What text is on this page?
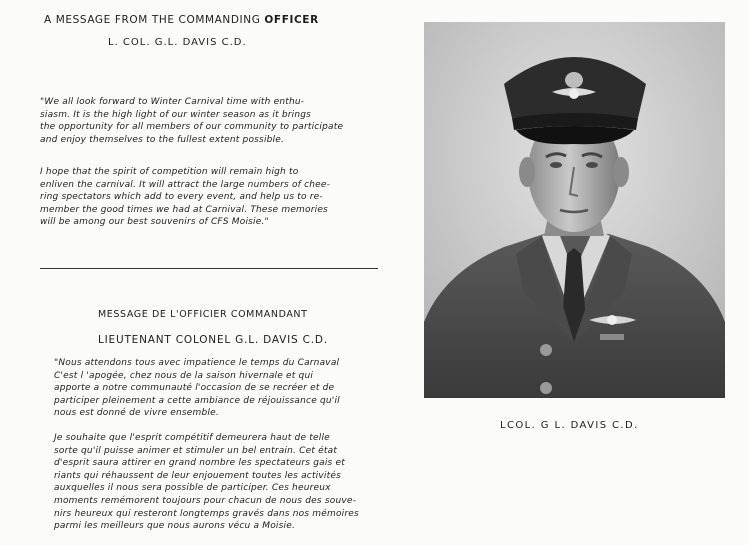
A MESSAGE FROM THE COMMANDING OFFICER
L. COL. G.L. DAVIS C.D.

"We all look forward to Winter Carnival time with enthu-
siasm. It is the high light of our winter season as it brings
the opportunity for all members of our community to participate
and enjoy themselves to the fullest extent possible.

I hope that the spirit of competition will remain high to
enliven the carnival. It will attract the large numbers of chee-
ring spectators which add to every event, and help us to re-
member the good times we had at Carnival. These memories
will be among our best souvenirs of CFS Moisie."

MESSAGE DE L'OFFICIER COMMANDANT
LIEUTENANT COLONEL G.L. DAVIS C.D.

"Nous attendons tous avec impatience le temps du Carnaval
C'est l 'apogée, chez nous de la saison hivernale et qui
apporte a notre communauté l'occasion de se recréer et de
participer pleinement a cette ambiance de réjouissance qu'il
nous est donné de vivre ensemble.

Je souhaite que l'esprit compétitif demeurera haut de telle
sorte qu'il puisse animer et stimuler un bel entrain. Cet état
d'esprit saura attirer en grand nombre les spectateurs gais et
riants qui réhaussent de leur enjouement toutes les activités
auxquelles il nous sera possible de participer. Ces heureux
moments remémorent toujours pour chacun de nous des souve-
nirs heureux qui resteront longtemps gravés dans nos mémoires
parmi les meilleurs que nous aurons vécu a Moisie.

LCOL. G L. DAVIS C.D.
